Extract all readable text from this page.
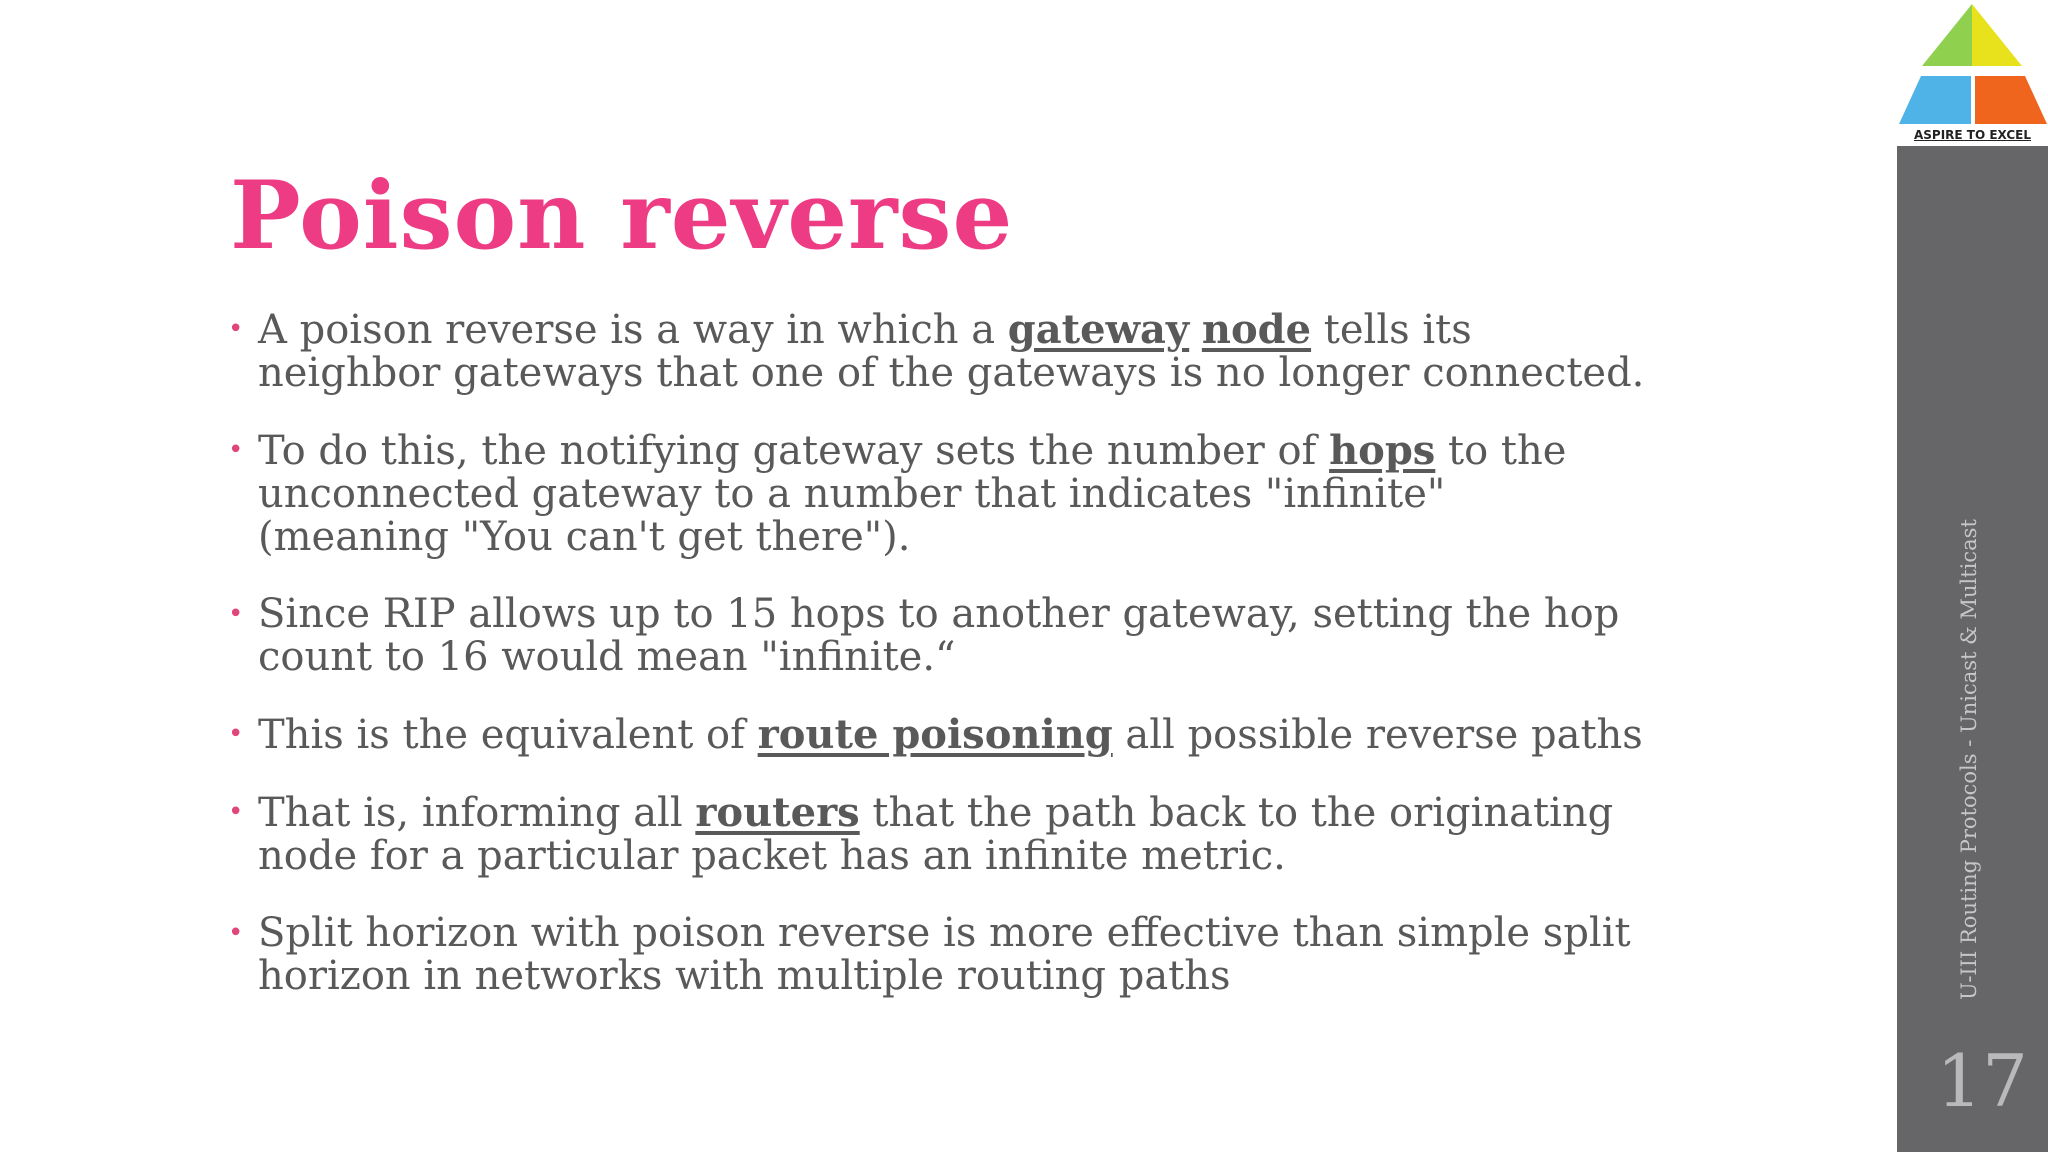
Poison reverse
• A poison reverse is a way in which a gateway node tells its neighbor gateways that one of the gateways is no longer connected.
• To do this, the notifying gateway sets the number of hops to the unconnected gateway to a number that indicates "infinite" (meaning "You can't get there").
• Since RIP allows up to 15 hops to another gateway, setting the hop count to 16 would mean "infinite.“
• This is the equivalent of route poisoning all possible reverse paths
• That is, informing all routers that the path back to the originating node for a particular packet has an infinite metric.
• Split horizon with poison reverse is more effective than simple split horizon in networks with multiple routing paths
ASPIRE TO EXCEL
U-III Routing Protocols - Unicast & Multicast
17
